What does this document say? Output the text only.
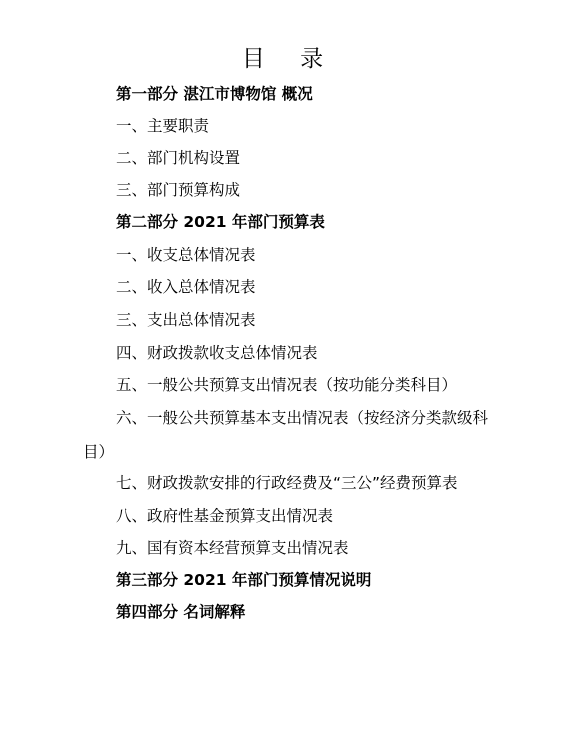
目 录
第一部分 湛江市博物馆 概况
一、主要职责
二、部门机构设置
三、部门预算构成
第二部分 2021 年部门预算表
一、收支总体情况表
二、收入总体情况表
三、支出总体情况表
四、财政拨款收支总体情况表
五、一般公共预算支出情况表（按功能分类科目）
六、一般公共预算基本支出情况表（按经济分类款级科
目）
七、财政拨款安排的行政经费及“三公”经费预算表
八、政府性基金预算支出情况表
九、国有资本经营预算支出情况表
第三部分 2021 年部门预算情况说明
第四部分 名词解释
